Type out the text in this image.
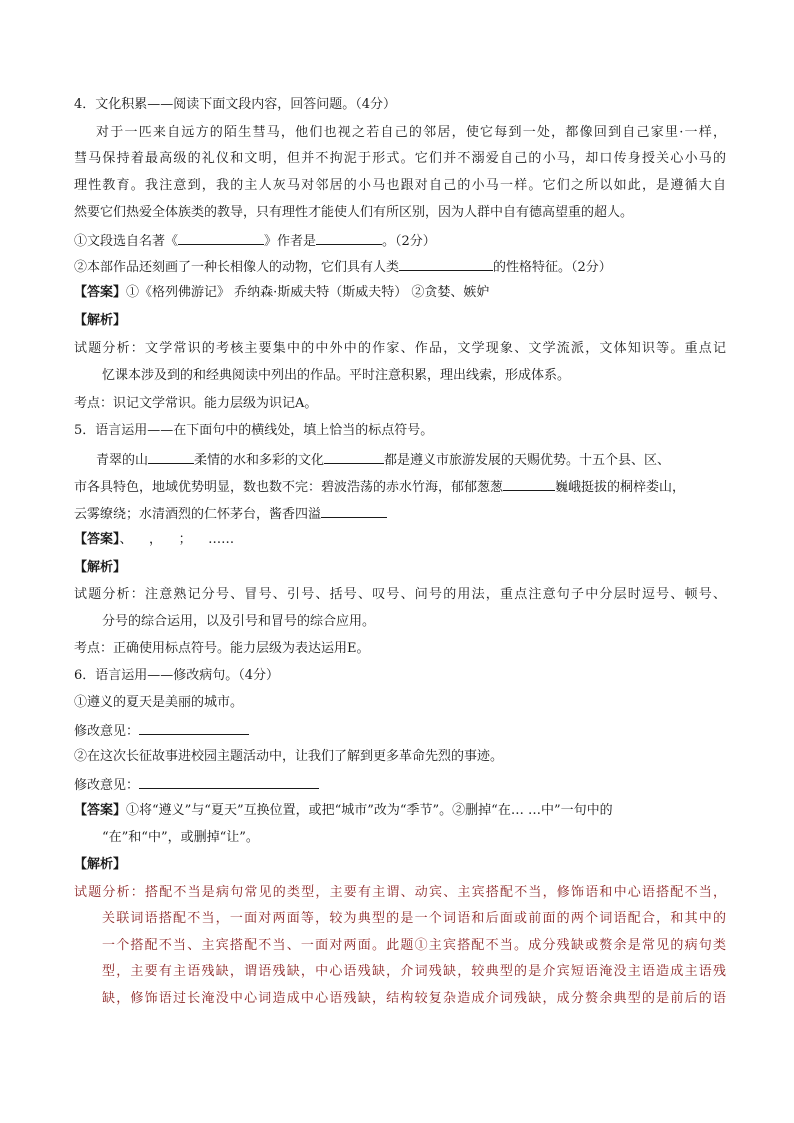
4．文化积累——阅读下面文段内容，回答问题。（4分）
对于一匹来自远方的陌生彗马，他们也视之若自己的邻居，使它每到一处，都像回到自己家里·一样，
彗马保持着最高级的礼仪和文明，但并不拘泥于形式。它们并不溺爱自己的小马，却口传身授关心小马的
理性教育。我注意到，我的主人灰马对邻居的小马也跟对自己的小马一样。它们之所以如此，是遵循大自
然要它们热爱全体族类的教导，只有理性才能使人们有所区别，因为人群中自有德高望重的超人。
①文段选自名著《	》作者是	。（2分）
②本部作品还刻画了一种长相像人的动物，它们具有人类	的性格特征。（2分）
【答案】①《格列佛游记》 乔纳森·斯威夫特（斯威夫特） ②贪婪、嫉妒
【解析】
试题分析：文学常识的考核主要集中的中外中的作家、作品，文学现象、文学流派，文体知识等。重点记
忆课本涉及到的和经典阅读中列出的作品。平时注意积累，理出线索，形成体系。
考点：识记文学常识。能力层级为识记A。
5．语言运用——在下面句中的横线处，填上恰当的标点符号。
青翠的山	柔情的水和多彩的文化	都是遵义市旅游发展的天赐优势。十五个县、区、
市各具特色，地域优势明显，数也数不完：碧波浩荡的赤水竹海，郁郁葱葱	巍峨挺拔的桐梓娄山，
云雾缭绕；水清酒烈的仁怀茅台，酱香四溢
【答案】、    ，    ；    ……
【解析】
试题分析：注意熟记分号、冒号、引号、括号、叹号、问号的用法，重点注意句子中分层时逗号、顿号、
分号的综合运用，以及引号和冒号的综合应用。
考点：正确使用标点符号。能力层级为表达运用E。
6．语言运用——修改病句。（4分）
①遵义的夏天是美丽的城市。
修改意见：
②在这次长征故事进校园主题活动中，让我们了解到更多革命先烈的事迹。
修改意见：
【答案】①将“遵义”与“夏天”互换位置，或把“城市”改为“季节”。②删掉“在… …中”一句中的
“在”和“中”，或删掉“让”。
【解析】
试题分析：搭配不当是病句常见的类型，主要有主谓、动宾、主宾搭配不当，修饰语和中心语搭配不当，
关联词语搭配不当，一面对两面等，较为典型的是一个词语和后面或前面的两个词语配合，和其中的
一个搭配不当、主宾搭配不当、一面对两面。此题①主宾搭配不当。成分残缺或赘余是常见的病句类
型，主要有主语残缺，谓语残缺，中心语残缺，介词残缺，较典型的是介宾短语淹没主语造成主语残
缺，修饰语过长淹没中心词造成中心语残缺，结构较复杂造成介词残缺，成分赘余典型的是前后的语
